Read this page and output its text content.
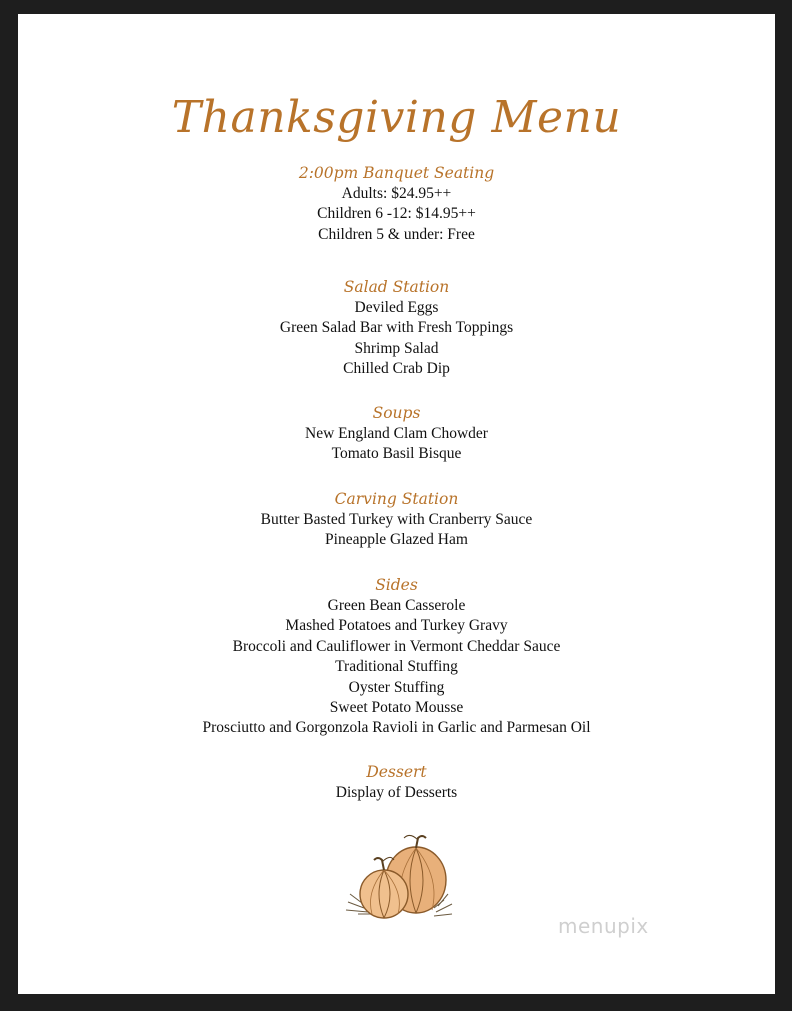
Thanksgiving Menu
2:00pm Banquet Seating
Adults: $24.95++
Children 6 -12: $14.95++
Children 5 & under: Free
Salad Station
Deviled Eggs
Green Salad Bar with Fresh Toppings
Shrimp Salad
Chilled Crab Dip
Soups
New England Clam Chowder
Tomato Basil Bisque
Carving Station
Butter Basted Turkey with Cranberry Sauce
Pineapple Glazed Ham
Sides
Green Bean Casserole
Mashed Potatoes and Turkey Gravy
Broccoli and Cauliflower in Vermont Cheddar Sauce
Traditional Stuffing
Oyster Stuffing
Sweet Potato Mousse
Prosciutto and Gorgonzola Ravioli in Garlic and Parmesan Oil
Dessert
Display of Desserts
menupix
